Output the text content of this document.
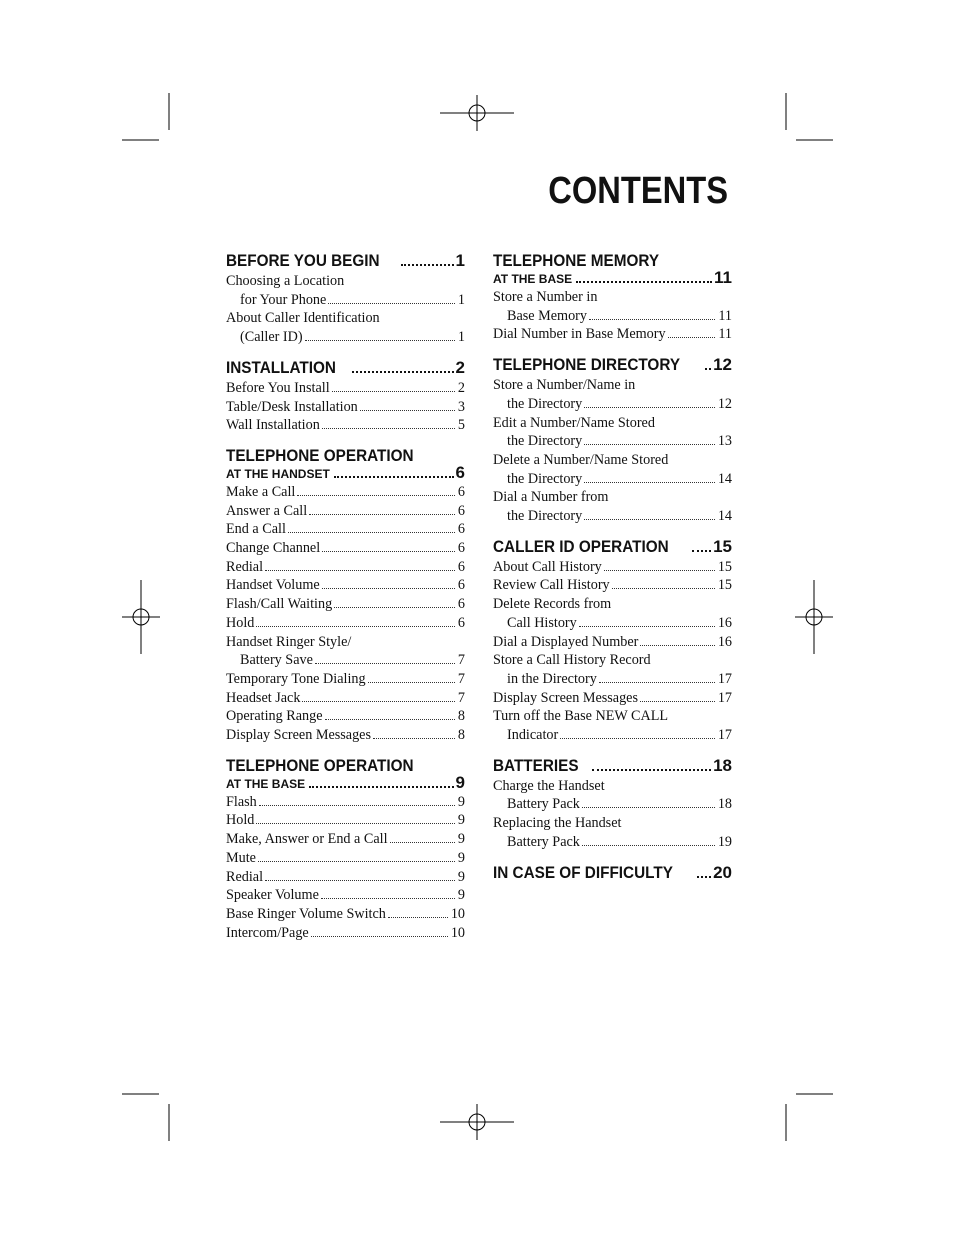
CONTENTS
BEFORE YOU BEGIN	1
Choosing a Location
for Your Phone	1
About Caller Identification
(Caller ID)	1
INSTALLATION	2
Before You Install	2
Table/Desk Installation	3
Wall Installation	5
TELEPHONE OPERATION
AT THE HANDSET	6
Make a Call	6
Answer a Call	6
End a Call	6
Change Channel	6
Redial	6
Handset Volume	6
Flash/Call Waiting	6
Hold	6
Handset Ringer Style/
Battery Save	7
Temporary Tone Dialing	7
Headset Jack	7
Operating Range	8
Display Screen Messages	8
TELEPHONE OPERATION
AT THE BASE	9
Flash	9
Hold	9
Make, Answer or End a Call	9
Mute	9
Redial	9
Speaker Volume	9
Base Ringer Volume Switch	10
Intercom/Page	10
TELEPHONE MEMORY
AT THE BASE	11
Store a Number in
Base Memory	11
Dial Number in Base Memory	11
TELEPHONE DIRECTORY 12
Store a Number/Name in
the Directory	12
Edit a Number/Name Stored
the Directory	13
Delete a Number/Name Stored
the Directory	14
Dial a Number from
the Directory	14
CALLER ID OPERATION	15
About Call History	15
Review Call History	15
Delete Records from
Call History	16
Dial a Displayed Number	16
Store a Call History Record
in the Directory	17
Display Screen Messages	17
Turn off the Base NEW CALL
Indicator	17
BATTERIES	18
Charge the Handset
Battery Pack	18
Replacing the Handset
Battery Pack	19
IN CASE OF DIFFICULTY 20
